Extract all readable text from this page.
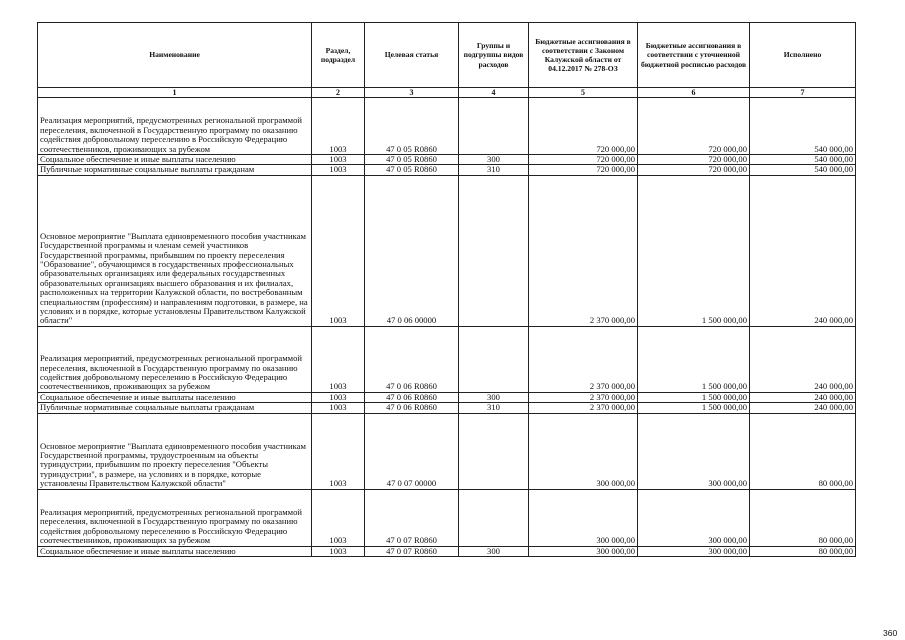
Наименование	Раздел, подраздел	Целевая статья	Группы и подгруппы видов расходов	Бюджетные ассигнования в соответствии с Законом Калужской области от 04.12.2017 № 278-ОЗ	Бюджетные ассигнования в соответствии с уточненной бюджетной росписью расходов	Исполнено
1	2	3	4	5	6	7
Реализация мероприятий, предусмотренных региональной программой переселения, включенной в Государственную программу по оказанию содействия добровольному переселению в Российскую Федерацию соотечественников, проживающих за рубежом	1003	47 0 05 R0860		720 000,00	720 000,00	540 000,00
Социальное обеспечение и иные выплаты населению	1003	47 0 05 R0860	300	720 000,00	720 000,00	540 000,00
Публичные нормативные социальные выплаты гражданам	1003	47 0 05 R0860	310	720 000,00	720 000,00	540 000,00
Основное мероприятие "Выплата единовременного пособия участникам Государственной программы и членам семей участников Государственной программы, прибывшим по проекту переселения "Образование", обучающимся в государственных профессиональных образовательных организациях или федеральных государственных образовательных организациях высшего образования и их филиалах, расположенных на территории Калужской области, по востребованным специальностям (профессиям) и направлениям подготовки, в размере, на условиях и в порядке, которые установлены Правительством Калужской области"	1003	47 0 06 00000		2 370 000,00	1 500 000,00	240 000,00
Реализация мероприятий, предусмотренных региональной программой переселения, включенной в Государственную программу по оказанию содействия добровольному переселению в Российскую Федерацию соотечественников, проживающих за рубежом	1003	47 0 06 R0860		2 370 000,00	1 500 000,00	240 000,00
Социальное обеспечение и иные выплаты населению	1003	47 0 06 R0860	300	2 370 000,00	1 500 000,00	240 000,00
Публичные нормативные социальные выплаты гражданам	1003	47 0 06 R0860	310	2 370 000,00	1 500 000,00	240 000,00
Основное мероприятие "Выплата единовременного пособия участникам Государственной программы, трудоустроенным на объекты туриндустрии, прибывшим по проекту переселения "Объекты туриндустрии", в размере, на условиях и в порядке, которые установлены Правительством Калужской области"	1003	47 0 07 00000		300 000,00	300 000,00	80 000,00
Реализация мероприятий, предусмотренных региональной программой переселения, включенной в Государственную программу по оказанию содействия добровольному переселению в Российскую Федерацию соотечественников, проживающих за рубежом	1003	47 0 07 R0860		300 000,00	300 000,00	80 000,00
Социальное обеспечение и иные выплаты населению	1003	47 0 07 R0860	300	300 000,00	300 000,00	80 000,00
360
